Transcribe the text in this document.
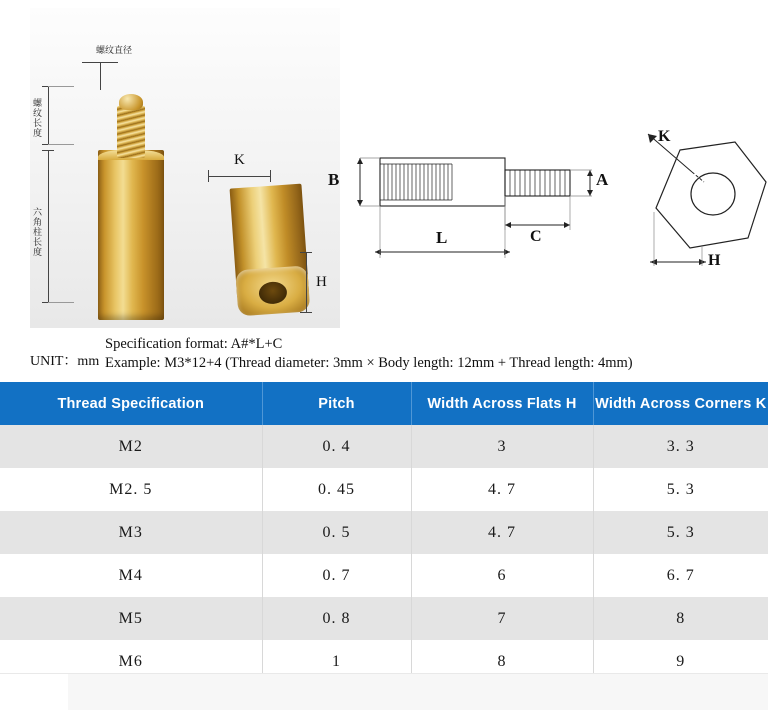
螺纹直径
螺纹长度
六角柱长度
K
H
B	A
C
L
K
H
UNIT：mm
Specification format: A#*L+C
Example: M3*12+4 (Thread diameter: 3mm × Body length: 12mm + Thread length: 4mm)
Thread Specification	Pitch	Width Across Flats H	Width Across Corners K
M2	0. 4	3	3. 3
M2. 5	0. 45	4. 7	5. 3
M3	0. 5	4. 7	5. 3
M4	0. 7	6	6. 7
M5	0. 8	7	8
M6	1	8	9
